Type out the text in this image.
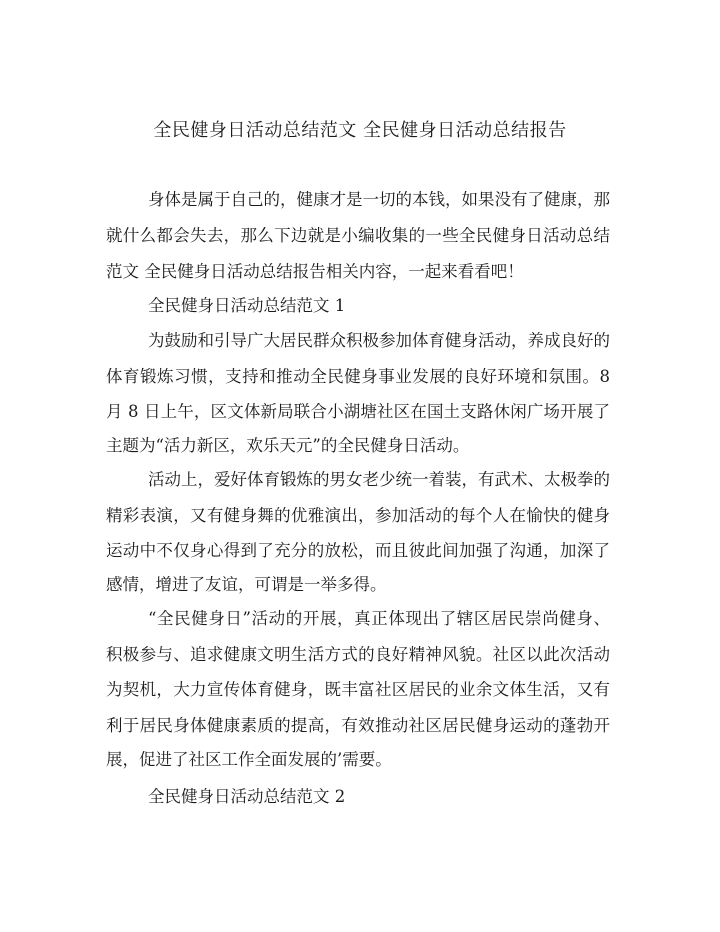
全民健身日活动总结范文 全民健身日活动总结报告
身体是属于自己的，健康才是一切的本钱，如果没有了健康，那
就什么都会失去，那么下边就是小编收集的一些全民健身日活动总结
范文 全民健身日活动总结报告相关内容，一起来看看吧！
全民健身日活动总结范文 1
为鼓励和引导广大居民群众积极参加体育健身活动，养成良好的
体育锻炼习惯，支持和推动全民健身事业发展的良好环境和氛围。8
月 8 日上午，区文体新局联合小湖塘社区在国土支路休闲广场开展了
主题为“活力新区，欢乐天元”的全民健身日活动。
活动上，爱好体育锻炼的男女老少统一着装，有武术、太极拳的
精彩表演，又有健身舞的优雅演出，参加活动的每个人在愉快的健身
运动中不仅身心得到了充分的放松，而且彼此间加强了沟通，加深了
感情，增进了友谊，可谓是一举多得。
“全民健身日”活动的开展，真正体现出了辖区居民崇尚健身、
积极参与、追求健康文明生活方式的良好精神风貌。社区以此次活动
为契机，大力宣传体育健身，既丰富社区居民的业余文体生活，又有
利于居民身体健康素质的提高，有效推动社区居民健身运动的蓬勃开
展，促进了社区工作全面发展的’需要。
全民健身日活动总结范文 2
